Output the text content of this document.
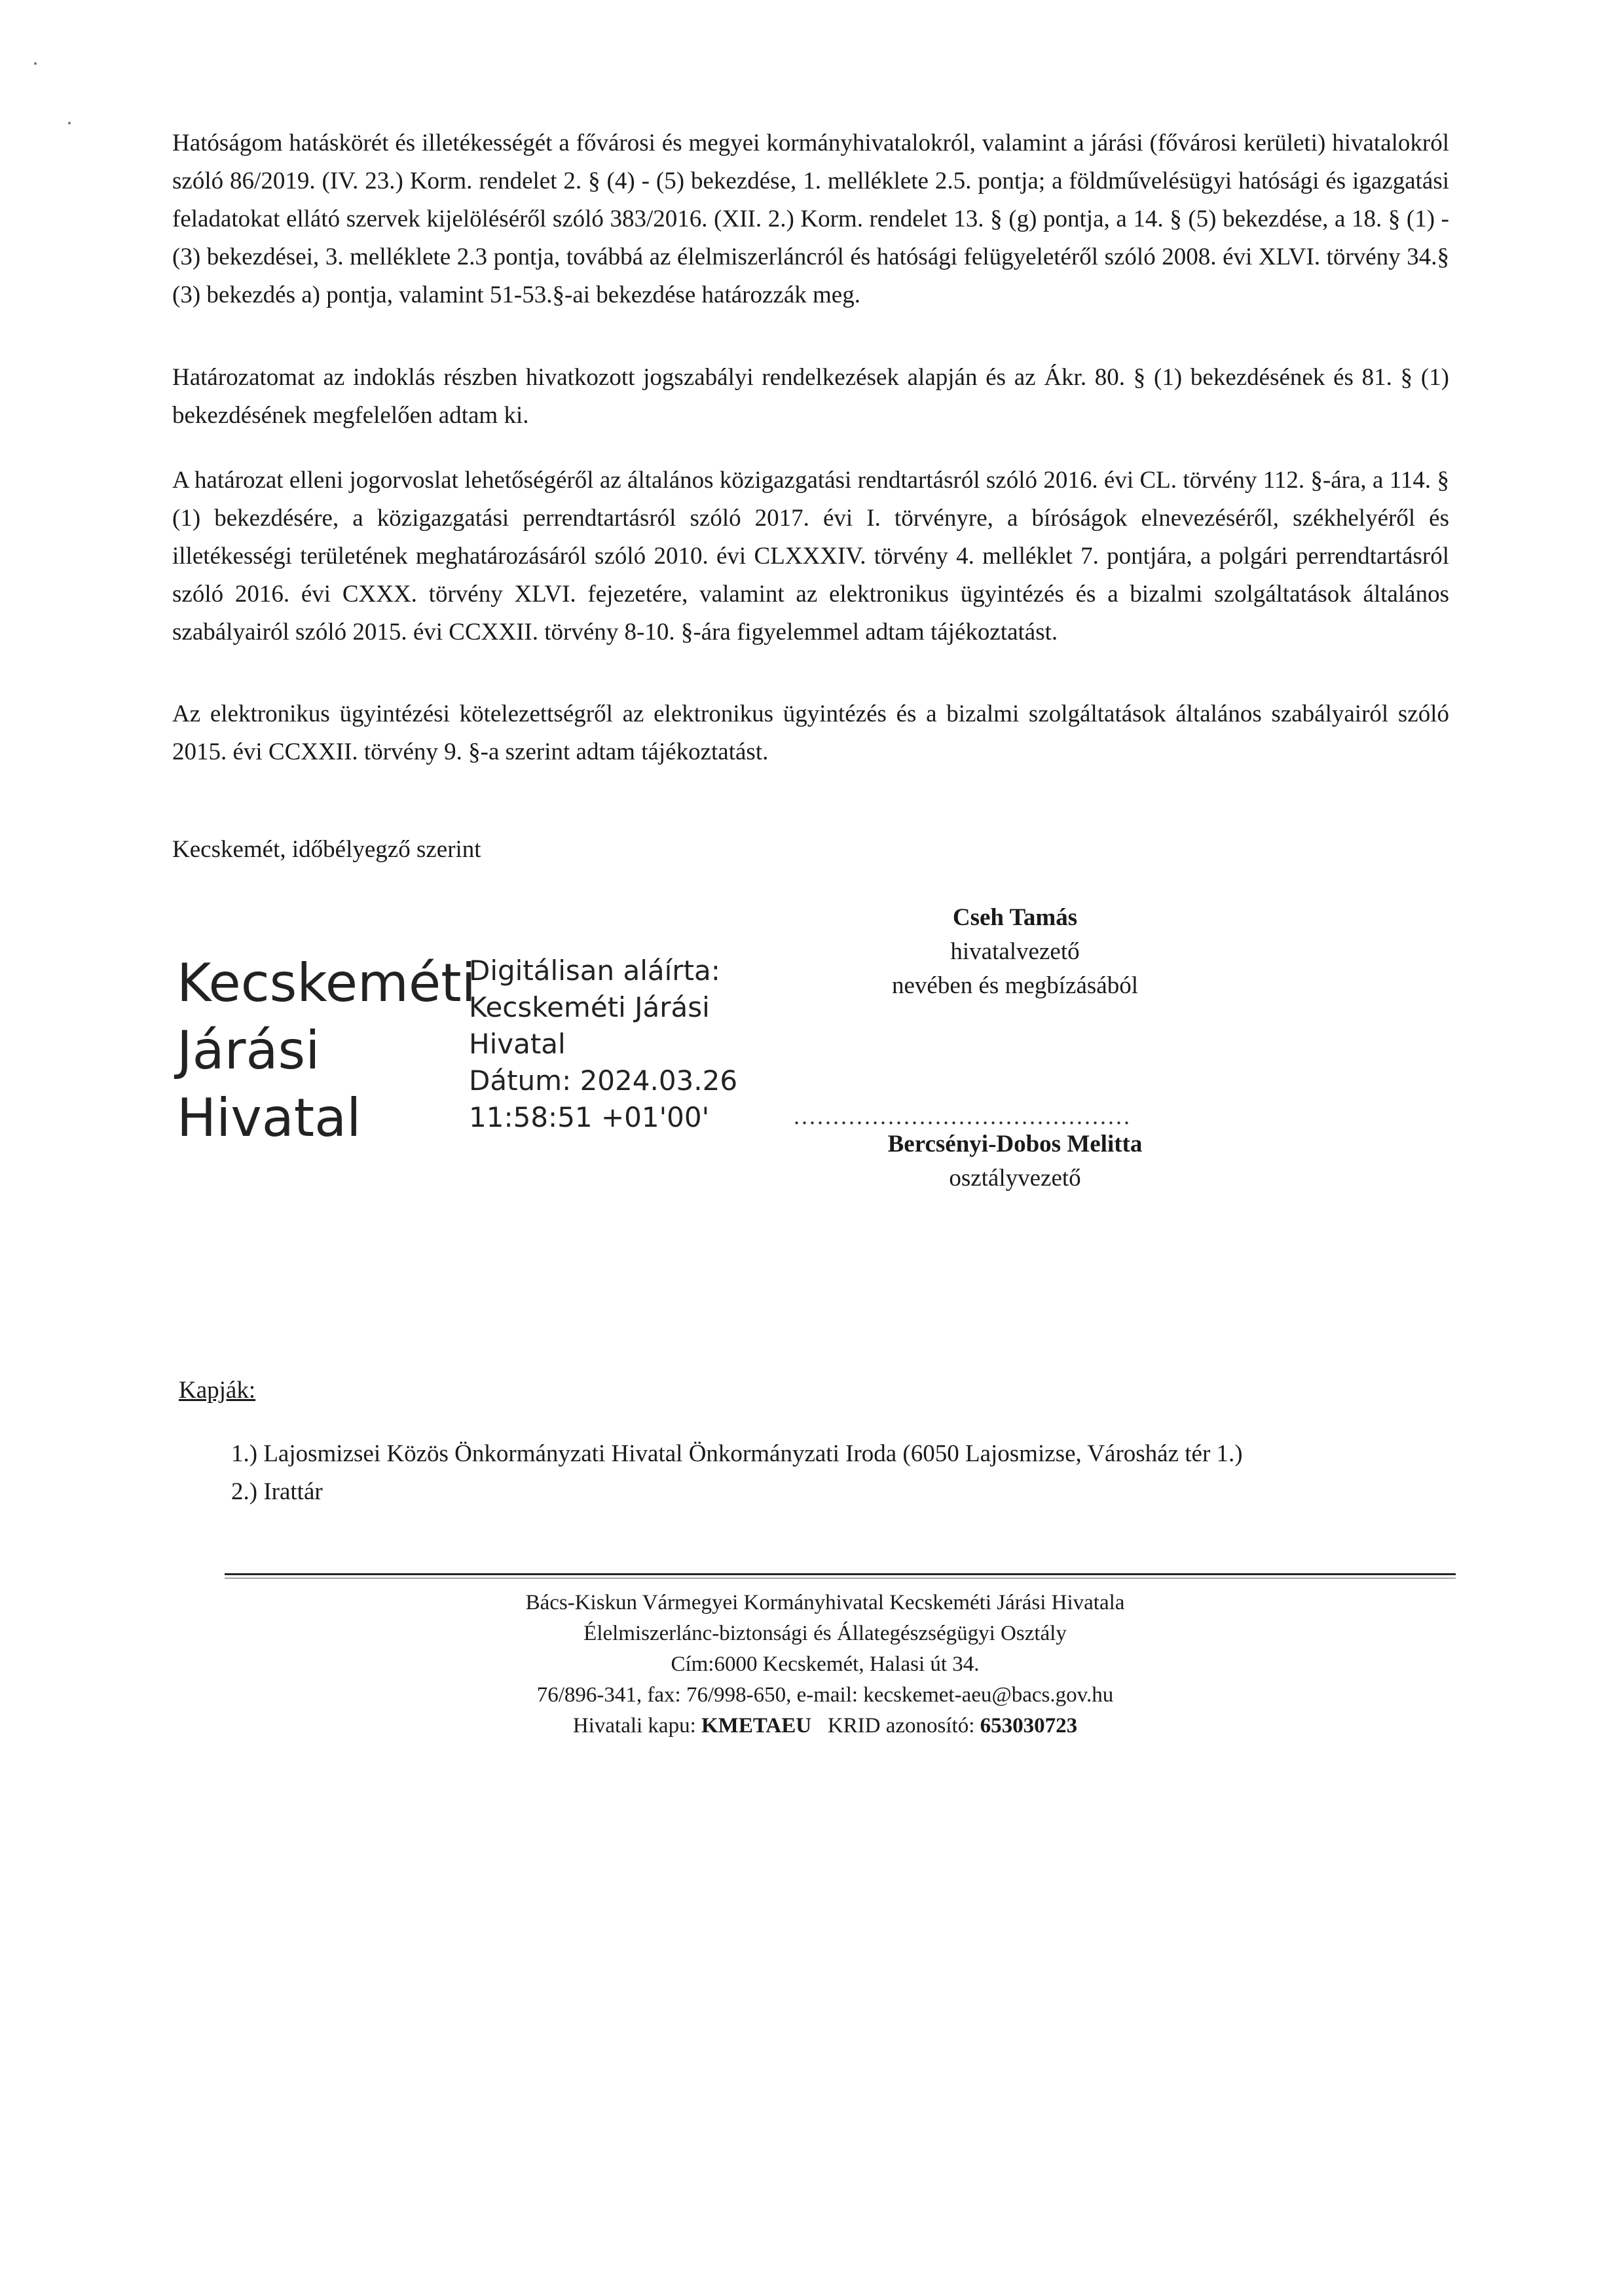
Hatóságom hatáskörét és illetékességét a fővárosi és megyei kormányhivatalokról, valamint a járási (fővárosi kerületi) hivatalokról szóló 86/2019. (IV. 23.) Korm. rendelet 2. § (4) - (5) bekezdése, 1. melléklete 2.5. pontja; a földművelésügyi hatósági és igazgatási feladatokat ellátó szervek kijelöléséről szóló 383/2016. (XII. 2.) Korm. rendelet 13. § (g) pontja, a 14. § (5) bekezdése, a 18. § (1) - (3) bekezdései, 3. melléklete 2.3 pontja, továbbá az élelmiszerláncról és hatósági felügyeletéről szóló 2008. évi XLVI. törvény 34.§ (3) bekezdés a) pontja, valamint 51-53.§-ai bekezdése határozzák meg.

Határozatomat az indoklás részben hivatkozott jogszabályi rendelkezések alapján és az Ákr. 80. § (1) bekezdésének és 81. § (1) bekezdésének megfelelően adtam ki.

A határozat elleni jogorvoslat lehetőségéről az általános közigazgatási rendtartásról szóló 2016. évi CL. törvény 112. §-ára, a 114. § (1) bekezdésére, a közigazgatási perrendtartásról szóló 2017. évi I. törvényre, a bíróságok elnevezéséről, székhelyéről és illetékességi területének meghatározásáról szóló 2010. évi CLXXXIV. törvény 4. melléklet 7. pontjára, a polgári perrendtartásról szóló 2016. évi CXXX. törvény XLVI. fejezetére, valamint az elektronikus ügyintézés és a bizalmi szolgáltatások általános szabályairól szóló 2015. évi CCXXII. törvény 8-10. §-ára figyelemmel adtam tájékoztatást.

Az elektronikus ügyintézési kötelezettségről az elektronikus ügyintézés és a bizalmi szolgáltatások általános szabályairól szóló 2015. évi CCXXII. törvény 9. §-a szerint adtam tájékoztatást.

Kecskemét, időbélyegző szerint

Kecskeméti
Járási
Hivatal
Digitálisan aláírta:
Kecskeméti Járási
Hivatal
Dátum: 2024.03.26
11:58:51 +01'00'
Cseh Tamás
hivatalvezető
nevében és megbízásából
...........................................
Bercsényi-Dobos Melitta
osztályvezető

Kapják:

1.) Lajosmizsei Közös Önkormányzati Hivatal Önkormányzati Iroda (6050 Lajosmizse, Városház tér 1.)
2.) Irattár
Bács-Kiskun Vármegyei Kormányhivatal Kecskeméti Járási Hivatala
Élelmiszerlánc-biztonsági és Állategészségügyi Osztály
Cím:6000 Kecskemét, Halasi út 34.
76/896-341, fax: 76/998-650, e-mail: kecskemet-aeu@bacs.gov.hu
Hivatali kapu: KMETAEU   KRID azonosító: 653030723
